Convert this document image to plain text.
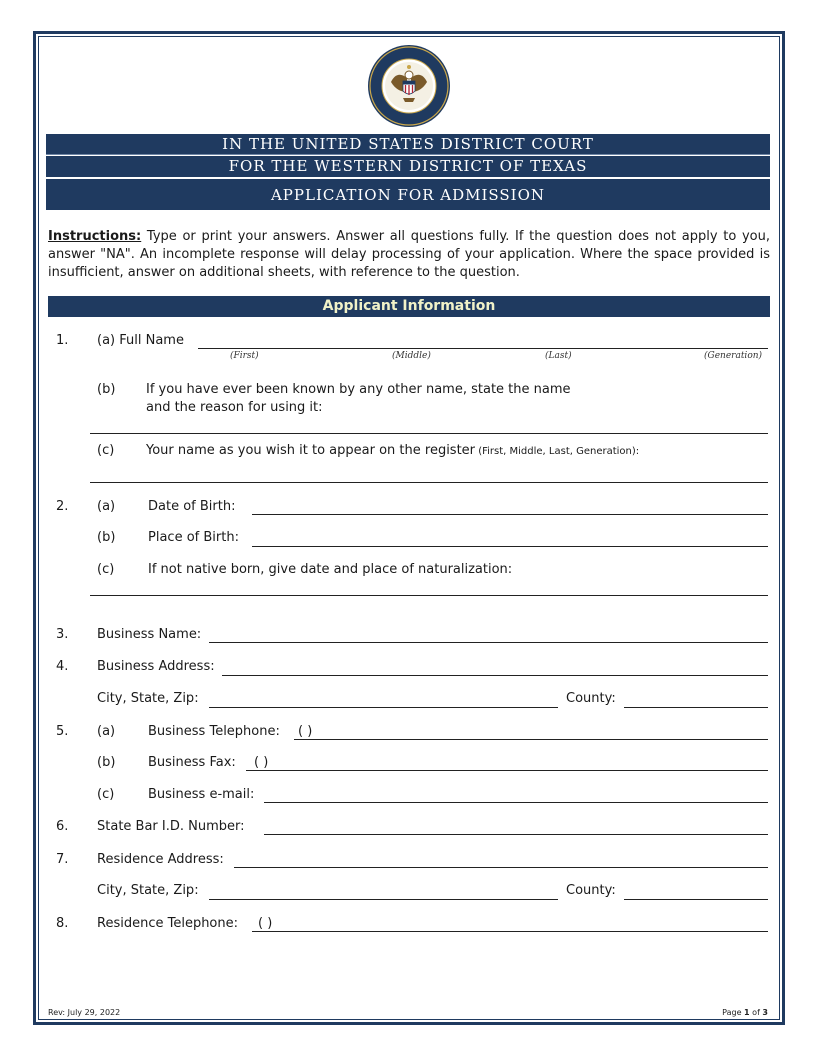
IN THE UNITED STATES DISTRICT COURT
FOR THE WESTERN DISTRICT OF TEXAS
APPLICATION FOR ADMISSION
Instructions: Type or print your answers. Answer all questions fully. If the question does not apply to you, answer "NA". An incomplete response will delay processing of your application. Where the space provided is insufficient, answer on additional sheets, with reference to the question.
Applicant Information
1. (a) Full Name
(First)	(Middle)	(Last)	(Generation)
(b) If you have ever been known by any other name, state the name
and the reason for using it:
(c) Your name as you wish it to appear on the register (First, Middle, Last, Generation):
2. (a)	Date of Birth:
(b)	Place of Birth:
(c)	If not native born, give date and place of naturalization:
3. Business Name:
4. Business Address:
City, State, Zip:	County:
5. (a)	Business Telephone: ( )
(b)	Business Fax: ( )
(c)	Business e-mail:
6. State Bar I.D. Number:
7. Residence Address:
City, State, Zip:	County:
8. Residence Telephone: ( )
Rev: July 29, 2022	Page 1 of 3
